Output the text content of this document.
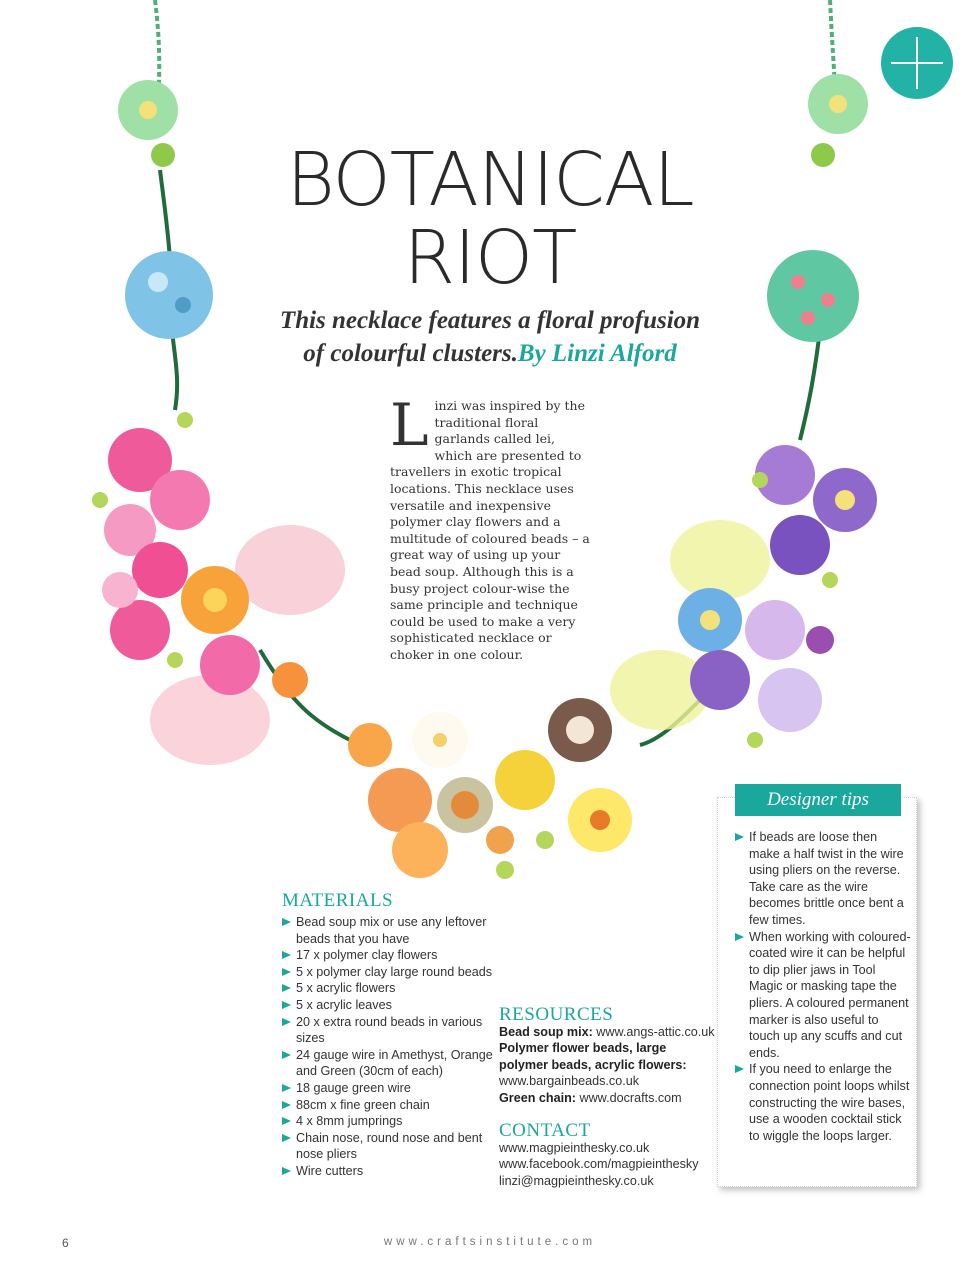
BOTANICAL
RIOT
This necklace features a floral profusion of colourful clusters.By Linzi Alford
Linzi was inspired by the traditional floral garlands called lei, which are presented to travellers in exotic tropical locations. This necklace uses versatile and inexpensive polymer clay flowers and a multitude of coloured beads – a great way of using up your bead soup. Although this is a busy project colour-wise the same principle and technique could be used to make a very sophisticated necklace or choker in one colour.
MATERIALS
Bead soup mix or use any leftover beads that you have
17 x polymer clay flowers
5 x polymer clay large round beads
5 x acrylic flowers
5 x acrylic leaves
20 x extra round beads in various sizes
24 gauge wire in Amethyst, Orange and Green (30cm of each)
18 gauge green wire
88cm x fine green chain
4 x 8mm jumprings
Chain nose, round nose and bent nose pliers
Wire cutters
RESOURCES
Bead soup mix: www.angs-attic.co.uk
Polymer flower beads, large
polymer beads, acrylic flowers:
www.bargainbeads.co.uk
Green chain: www.docrafts.com
CONTACT
www.magpieinthesky.co.uk
www.facebook.com/magpieinthesky
linzi@magpieinthesky.co.uk
If beads are loose then make a half twist in the wire using pliers on the reverse. Take care as the wire becomes brittle once bent a few times.
When working with coloured-coated wire it can be helpful to dip plier jaws in Tool Magic or masking tape the pliers. A coloured permanent marker is also useful to touch up any scuffs and cut ends.
If you need to enlarge the connection point loops whilst constructing the wire bases, use a wooden cocktail stick to wiggle the loops larger.
Designer tips
6	www.craftsinstitute.com
